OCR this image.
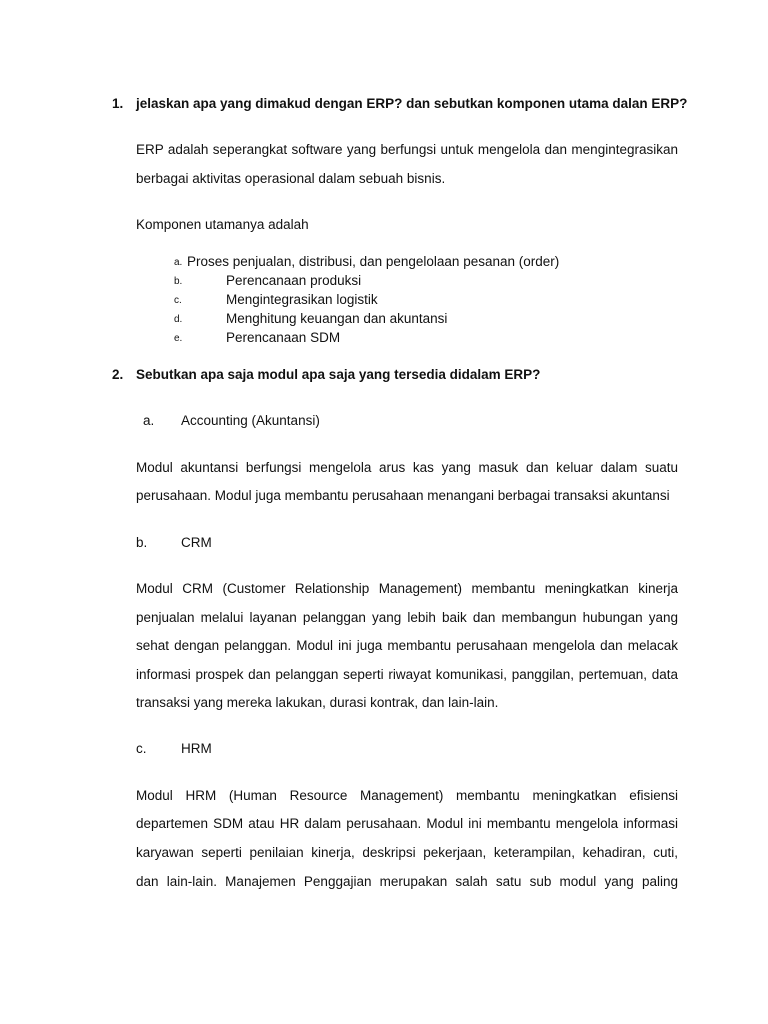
1. jelaskan apa yang dimakud dengan ERP? dan sebutkan komponen utama dalan ERP?
ERP adalah seperangkat software yang berfungsi untuk mengelola dan mengintegrasikan
berbagai aktivitas operasional dalam sebuah bisnis.
Komponen utamanya adalah
a. Proses penjualan, distribusi, dan pengelolaan pesanan (order)
b.	Perencanaan produksi
c.	Mengintegrasikan logistik
d.	Menghitung keuangan dan akuntansi
e.	Perencanaan SDM
2. Sebutkan apa saja modul apa saja yang tersedia didalam ERP?
a. Accounting (Akuntansi)
Modul akuntansi berfungsi mengelola arus kas yang masuk dan keluar dalam suatu
perusahaan. Modul juga membantu perusahaan menangani berbagai transaksi akuntansi
b. CRM
Modul CRM (Customer Relationship Management) membantu meningkatkan kinerja
penjualan melalui layanan pelanggan yang lebih baik dan membangun hubungan yang
sehat dengan pelanggan. Modul ini juga membantu perusahaan mengelola dan melacak
informasi prospek dan pelanggan seperti riwayat komunikasi, panggilan, pertemuan, data
transaksi yang mereka lakukan, durasi kontrak, dan lain-lain.
c.	HRM
Modul HRM (Human Resource Management) membantu meningkatkan efisiensi
departemen SDM atau HR dalam perusahaan. Modul ini membantu mengelola informasi
karyawan seperti penilaian kinerja, deskripsi pekerjaan, keterampilan, kehadiran, cuti,
dan lain-lain. Manajemen Penggajian merupakan salah satu sub modul yang paling
